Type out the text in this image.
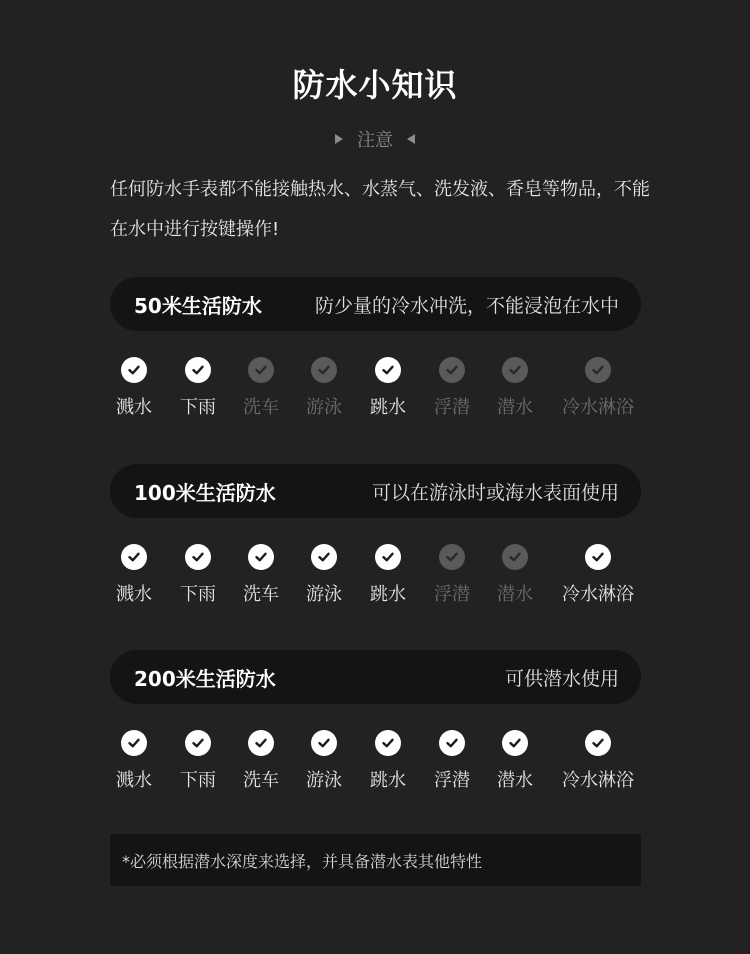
防水小知识
注意
任何防水手表都不能接触热水、水蒸气、洗发液、香皂等物品，不能在水中进行按键操作!
50米生活防水	防少量的冷水冲洗，不能浸泡在水中
溅水	下雨	洗车	游泳	跳水	浮潜	潜水	冷水淋浴
100米生活防水	可以在游泳时或海水表面使用
溅水	下雨	洗车	游泳	跳水	浮潜	潜水	冷水淋浴
200米生活防水	可供潜水使用
溅水	下雨	洗车	游泳	跳水	浮潜	潜水	冷水淋浴
*必须根据潜水深度来选择，并具备潜水表其他特性
